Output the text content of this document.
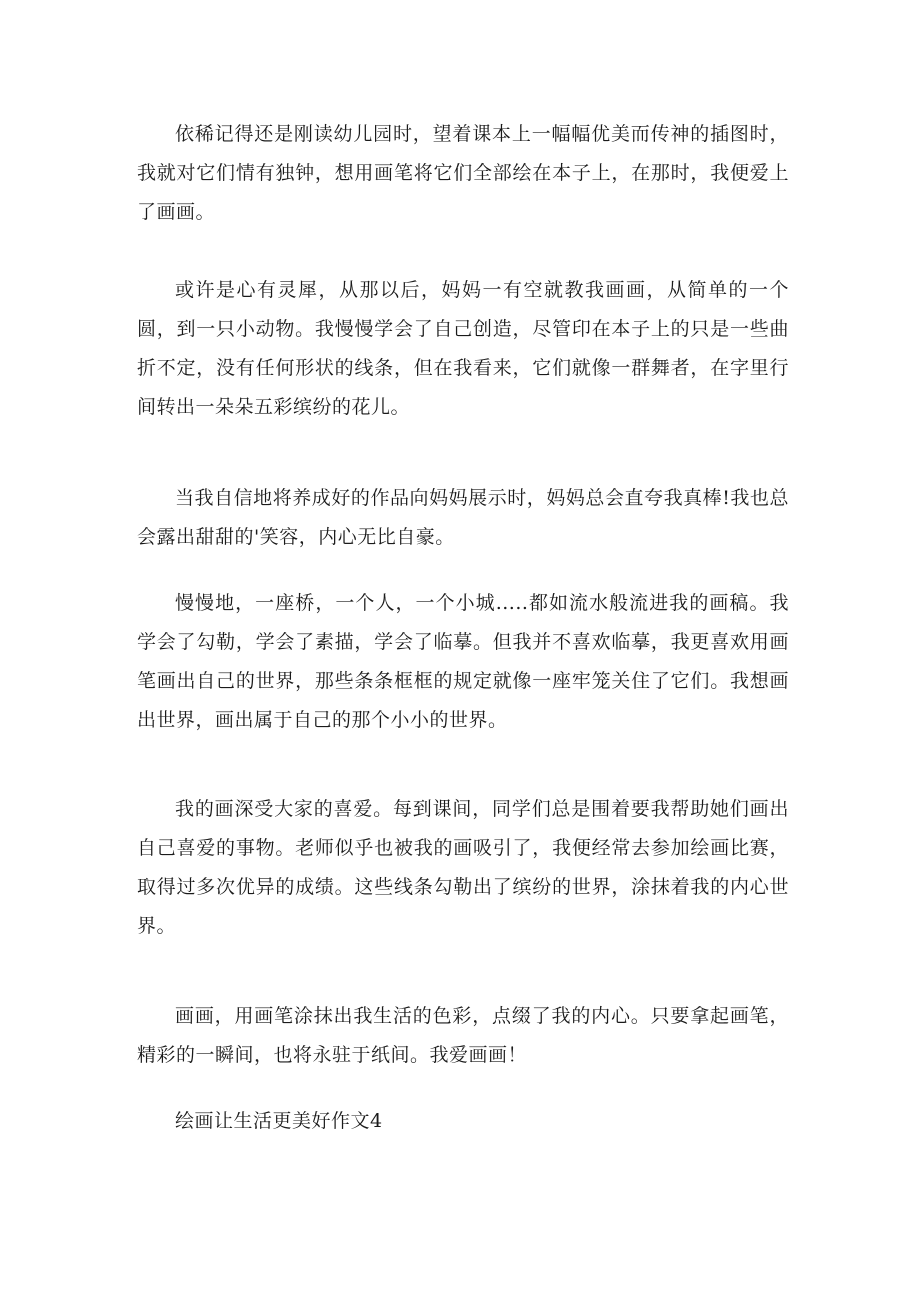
依稀记得还是刚读幼儿园时，望着课本上一幅幅优美而传神的插图时，我就对它们情有独钟，想用画笔将它们全部绘在本子上，在那时，我便爱上了画画。

或许是心有灵犀，从那以后，妈妈一有空就教我画画，从简单的一个圆，到一只小动物。我慢慢学会了自己创造，尽管印在本子上的只是一些曲折不定，没有任何形状的线条，但在我看来，它们就像一群舞者，在字里行间转出一朵朵五彩缤纷的花儿。

当我自信地将养成好的作品向妈妈展示时，妈妈总会直夸我真棒!我也总会露出甜甜的'笑容，内心无比自豪。

慢慢地，一座桥，一个人，一个小城.....都如流水般流进我的画稿。我学会了勾勒，学会了素描，学会了临摹。但我并不喜欢临摹，我更喜欢用画笔画出自己的世界，那些条条框框的规定就像一座牢笼关住了它们。我想画出世界，画出属于自己的那个小小的世界。

我的画深受大家的喜爱。每到课间，同学们总是围着要我帮助她们画出自己喜爱的事物。老师似乎也被我的画吸引了，我便经常去参加绘画比赛，取得过多次优异的成绩。这些线条勾勒出了缤纷的世界，涂抹着我的内心世界。

画画，用画笔涂抹出我生活的色彩，点缀了我的内心。只要拿起画笔，精彩的一瞬间，也将永驻于纸间。我爱画画！

绘画让生活更美好作文4
